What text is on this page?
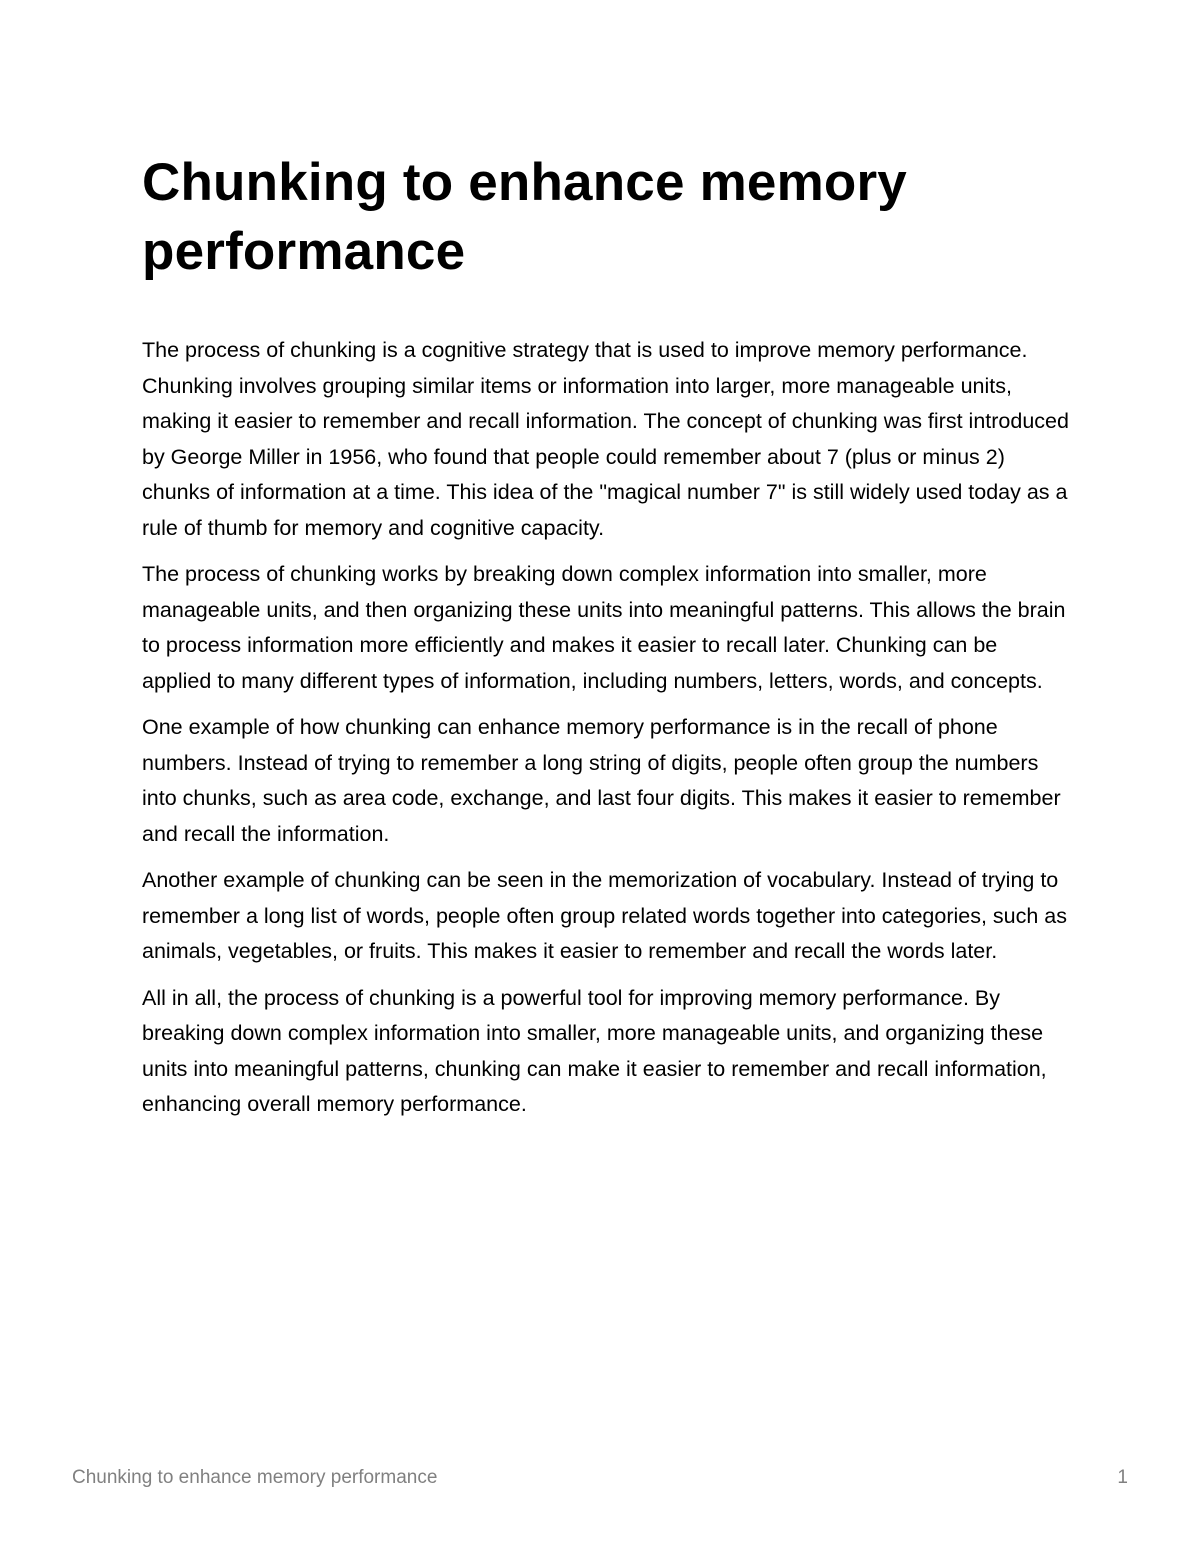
Chunking to enhance memory performance

The process of chunking is a cognitive strategy that is used to improve memory performance. Chunking involves grouping similar items or information into larger, more manageable units, making it easier to remember and recall information. The concept of chunking was first introduced by George Miller in 1956, who found that people could remember about 7 (plus or minus 2) chunks of information at a time. This idea of the "magical number 7" is still widely used today as a rule of thumb for memory and cognitive capacity.

The process of chunking works by breaking down complex information into smaller, more manageable units, and then organizing these units into meaningful patterns. This allows the brain to process information more efficiently and makes it easier to recall later. Chunking can be applied to many different types of information, including numbers, letters, words, and concepts.

One example of how chunking can enhance memory performance is in the recall of phone numbers. Instead of trying to remember a long string of digits, people often group the numbers into chunks, such as area code, exchange, and last four digits. This makes it easier to remember and recall the information.

Another example of chunking can be seen in the memorization of vocabulary. Instead of trying to remember a long list of words, people often group related words together into categories, such as animals, vegetables, or fruits. This makes it easier to remember and recall the words later.

All in all, the process of chunking is a powerful tool for improving memory performance. By breaking down complex information into smaller, more manageable units, and organizing these units into meaningful patterns, chunking can make it easier to remember and recall information, enhancing overall memory performance.

Chunking to enhance memory performance	1
